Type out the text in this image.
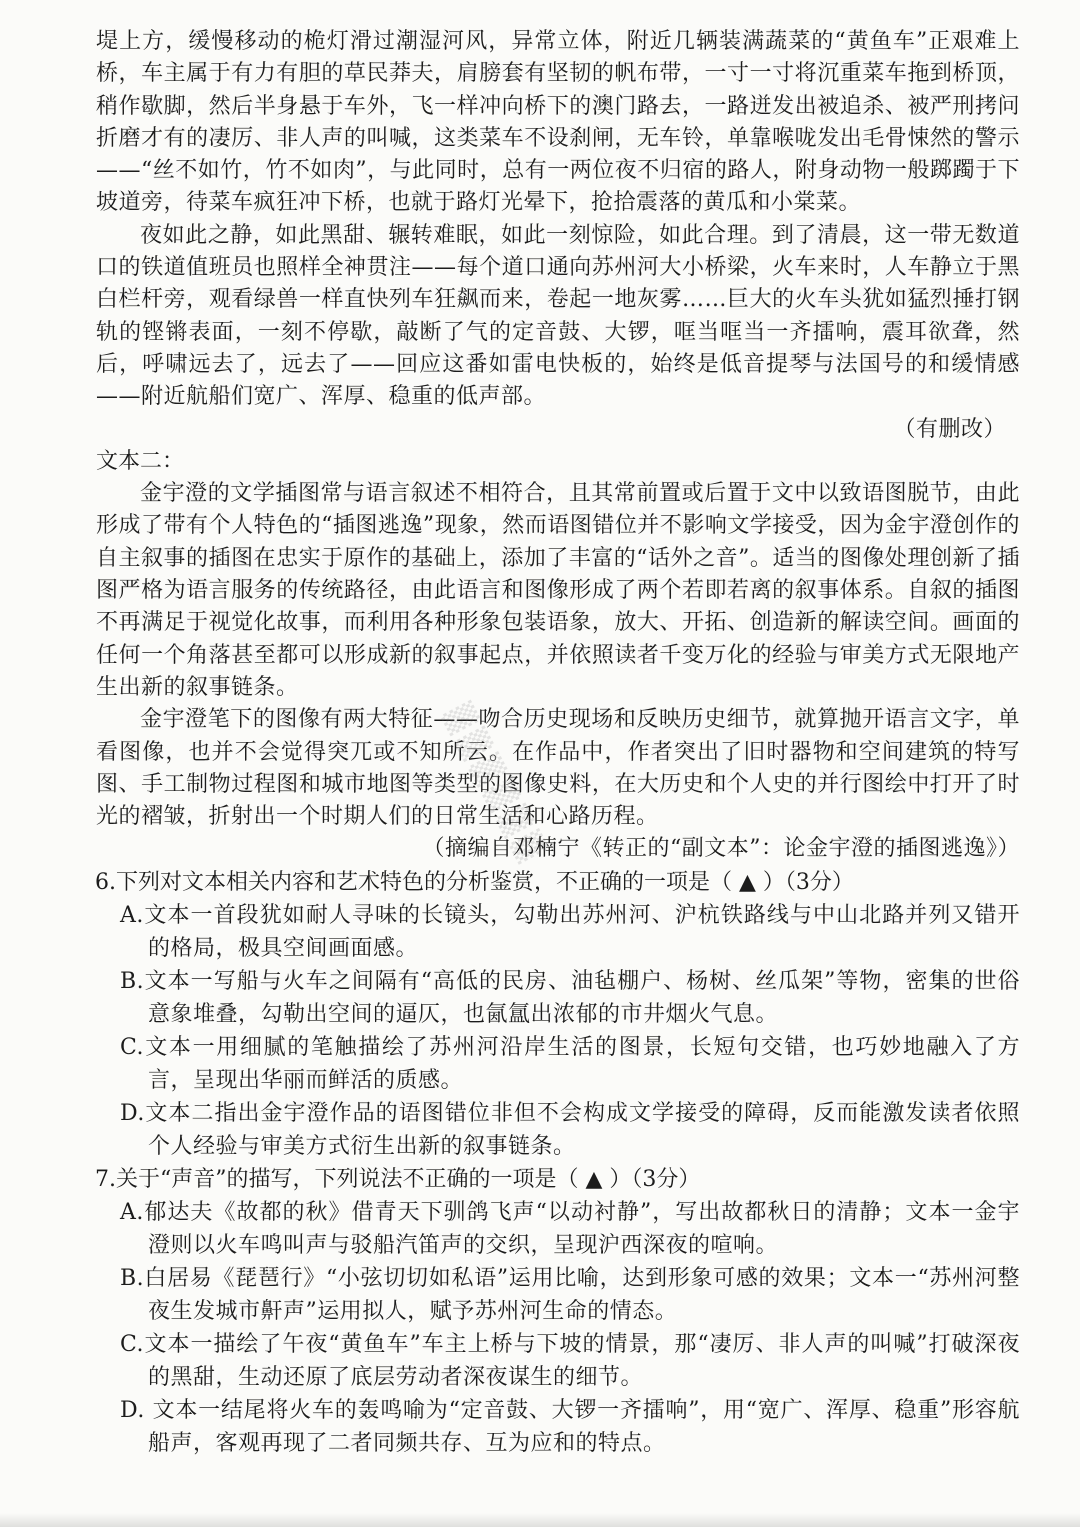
堤上方，缓慢移动的桅灯滑过潮湿河风，异常立体，附近几辆装满蔬菜的“黄鱼车”正艰难上桥，车主属于有力有胆的草民莽夫，肩膀套有坚韧的帆布带，一寸一寸将沉重菜车拖到桥顶，稍作歇脚，然后半身悬于车外，飞一样冲向桥下的澳门路去，一路迸发出被追杀、被严刑拷问折磨才有的凄厉、非人声的叫喊，这类菜车不设刹闸，无车铃，单靠喉咙发出毛骨悚然的警示——“丝不如竹，竹不如肉”，与此同时，总有一两位夜不归宿的路人，附身动物一般踯躅于下坡道旁，待菜车疯狂冲下桥，也就于路灯光晕下，抢拾震落的黄瓜和小棠菜。

夜如此之静，如此黑甜、辗转难眠，如此一刻惊险，如此合理。到了清晨，这一带无数道口的铁道值班员也照样全神贯注——每个道口通向苏州河大小桥梁，火车来时，人车静立于黑白栏杆旁，观看绿兽一样直快列车狂飙而来，卷起一地灰雾……巨大的火车头犹如猛烈捶打钢轨的铿锵表面，一刻不停歇，敲断了气的定音鼓、大锣，哐当哐当一齐擂响，震耳欲聋，然后，呼啸远去了，远去了——回应这番如雷电快板的，始终是低音提琴与法国号的和缓情感——附近航船们宽广、浑厚、稳重的低声部。

（有删改）

文本二：

金宇澄的文学插图常与语言叙述不相符合，且其常前置或后置于文中以致语图脱节，由此形成了带有个人特色的“插图逃逸”现象，然而语图错位并不影响文学接受，因为金宇澄创作的自主叙事的插图在忠实于原作的基础上，添加了丰富的“话外之音”。适当的图像处理创新了插图严格为语言服务的传统路径，由此语言和图像形成了两个若即若离的叙事体系。自叙的插图不再满足于视觉化故事，而利用各种形象包装语象，放大、开拓、创造新的解读空间。画面的任何一个角落甚至都可以形成新的叙事起点，并依照读者千变万化的经验与审美方式无限地产生出新的叙事链条。

金宇澄笔下的图像有两大特征——吻合历史现场和反映历史细节，就算抛开语言文字，单看图像，也并不会觉得突兀或不知所云。在作品中，作者突出了旧时器物和空间建筑的特写图、手工制物过程图和城市地图等类型的图像史料，在大历史和个人史的并行图绘中打开了时光的褶皱，折射出一个时期人们的日常生活和心路历程。

（摘编自邓楠宁《转正的“副文本”：论金宇澄的插图逃逸》）

6.下列对文本相关内容和艺术特色的分析鉴赏，不正确的一项是（ ▲ ）（3分）

A.文本一首段犹如耐人寻味的长镜头，勾勒出苏州河、沪杭铁路线与中山北路并列又错开的格局，极具空间画面感。

B.文本一写船与火车之间隔有“高低的民房、油毡棚户、杨树、丝瓜架”等物，密集的世俗意象堆叠，勾勒出空间的逼仄，也氤氲出浓郁的市井烟火气息。

C.文本一用细腻的笔触描绘了苏州河沿岸生活的图景，长短句交错，也巧妙地融入了方言，呈现出华丽而鲜活的质感。

D.文本二指出金宇澄作品的语图错位非但不会构成文学接受的障碍，反而能激发读者依照个人经验与审美方式衍生出新的叙事链条。

7.关于“声音”的描写，下列说法不正确的一项是（ ▲ ）（3分）

A.郁达夫《故都的秋》借青天下驯鸽飞声“以动衬静”，写出故都秋日的清静；文本一金宇澄则以火车鸣叫声与驳船汽笛声的交织，呈现沪西深夜的喧响。

B.白居易《琵琶行》“小弦切切如私语”运用比喻，达到形象可感的效果；文本一“苏州河整夜生发城市鼾声”运用拟人，赋予苏州河生命的情态。

C.文本一描绘了午夜“黄鱼车”车主上桥与下坡的情景，那“凄厉、非人声的叫喊”打破深夜的黑甜，生动还原了底层劳动者深夜谋生的细节。

D. 文本一结尾将火车的轰鸣喻为“定音鼓、大锣一齐擂响”，用“宽广、浑厚、稳重”形容航船声，客观再现了二者同频共存、互为应和的特点。

▒▒▒▒▒▒
